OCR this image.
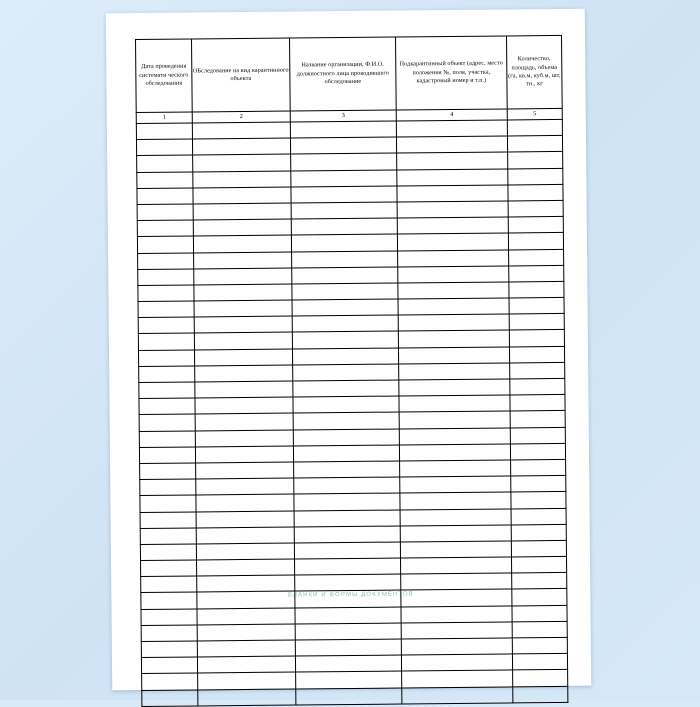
Дата проведения системати ческого обследования	ОБследование на вид карантинного объекта	Название организации, Ф.И.О. должностного лица проводившего обследование	Подкарантинный объект (адрес, место положения №, поля, участка, кадастровый номер и т.п.)	Количество, площадь, объема (га, кв.м, куб.м, шт, тн., кг
1	2	3	4	5

БЛАНКИ И ФОРМЫ ДОКУМЕНТОВ
